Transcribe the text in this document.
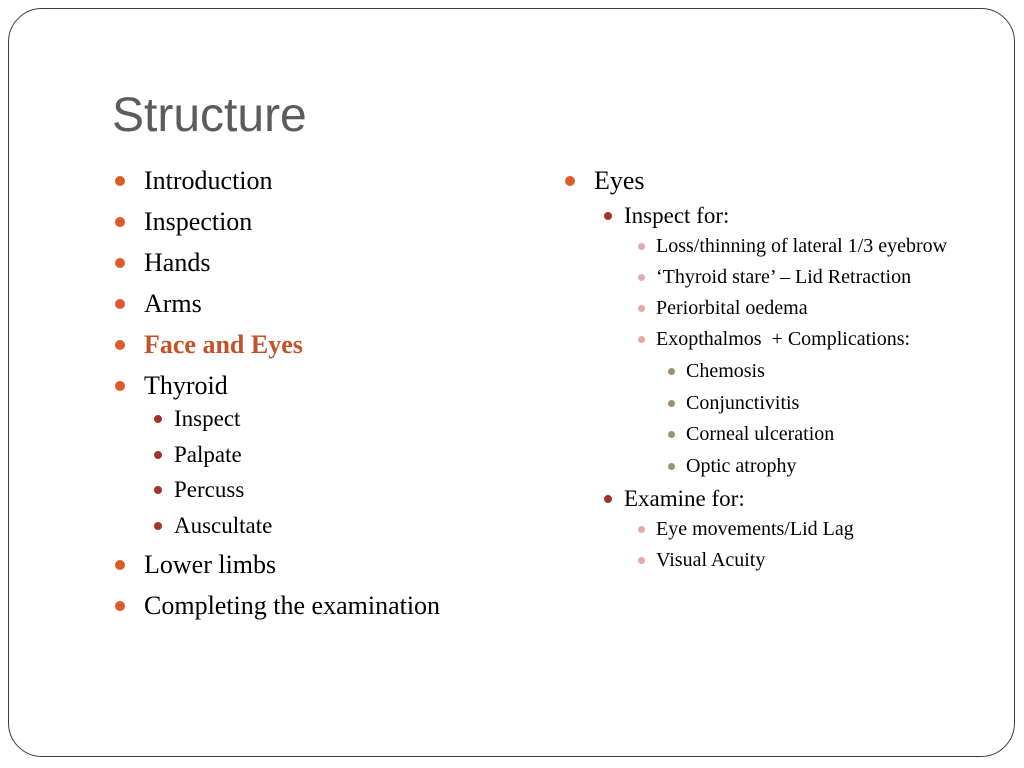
Structure
Introduction
Inspection
Hands
Arms
Face and Eyes
Thyroid
Inspect
Palpate
Percuss
Auscultate
Lower limbs
Completing the examination
Eyes
Inspect for:
Loss/thinning of lateral 1/3 eyebrow
‘Thyroid stare’ – Lid Retraction
Periorbital oedema
Exopthalmos  + Complications:
Chemosis
Conjunctivitis
Corneal ulceration
Optic atrophy
Examine for:
Eye movements/Lid Lag
Visual Acuity
